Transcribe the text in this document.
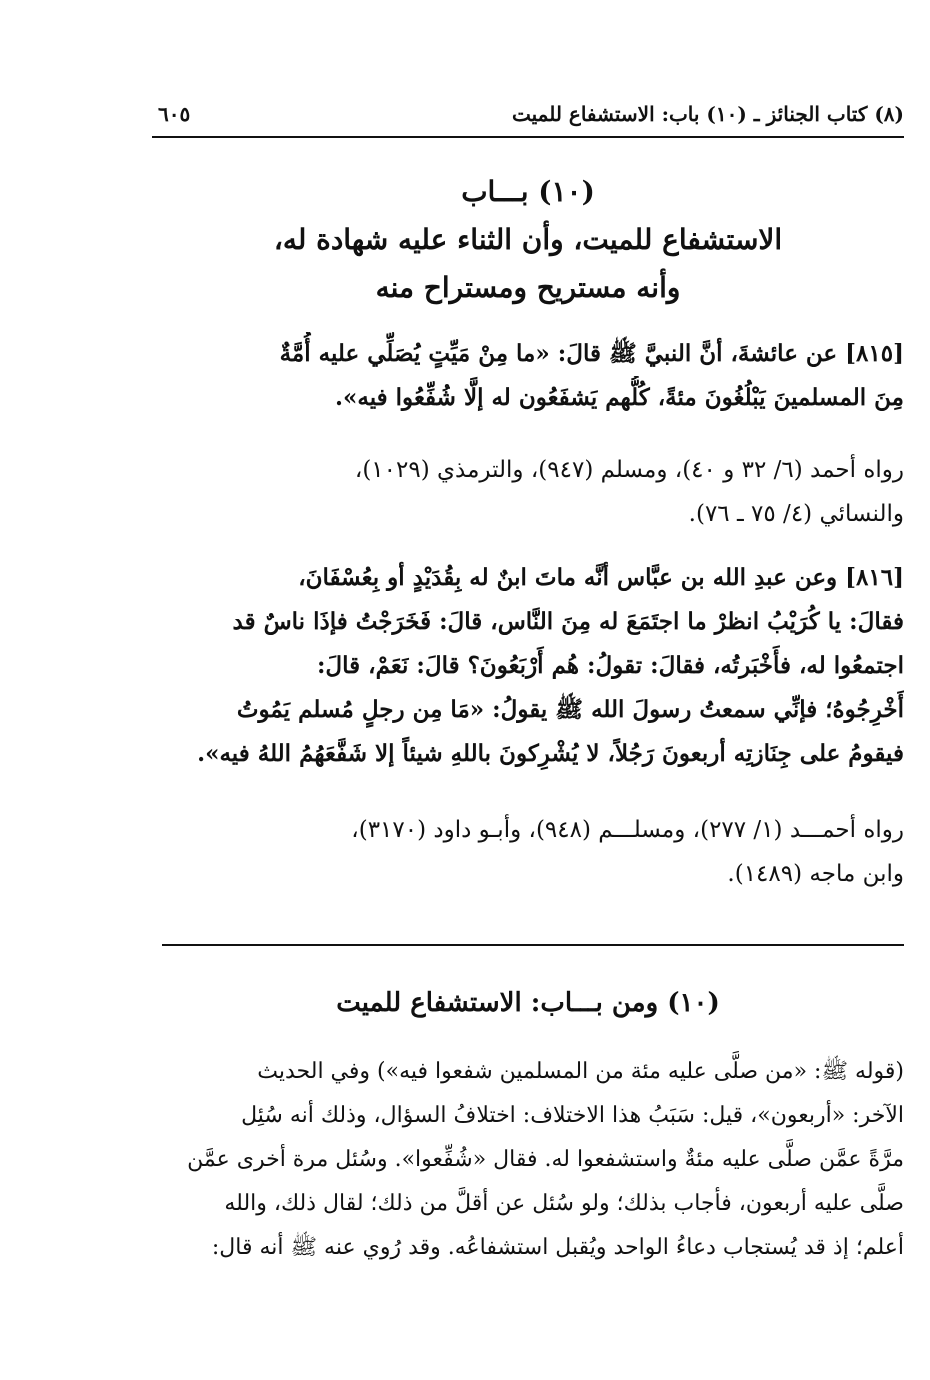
(٨) كتاب الجنائز ـ (١٠) باب: الاستشفاع للميت
٦٠٥
(١٠) بـــاب
الاستشفاع للميت، وأن الثناء عليه شهادة له،
وأنه مستريح ومستراح منه
[٨١٥] عن عائشةَ، أنَّ النبيَّ ﷺ قالَ: «ما مِنْ مَيِّتٍ يُصَلِّي عليه أُمَّةٌ
مِنَ المسلمينَ يَبْلُغُونَ مئةً، كُلُّهم يَشفَعُون له إلَّا شُفِّعُوا فيه».
رواه أحمد (٦/ ٣٢ و ٤٠)، ومسلم (٩٤٧)، والترمذي (١٠٢٩)،
والنسائي (٤/ ٧٥ ـ ٧٦).
[٨١٦] وعن عبدِ الله بن عبَّاس أنَّه ماتَ ابنٌ له بِقُدَيْدٍ أو بِعُسْفَانَ،
فقالَ: يا كُرَيْبُ انظرْ ما اجتَمَعَ له مِنَ النَّاس، قالَ: فَخَرَجْتُ فإذَا ناسٌ قد
اجتمعُوا له، فأَخْبَرتُه، فقالَ: تقولُ: هُم أَرْبَعُونَ؟ قالَ: نَعَمْ، قالَ:
أَخْرِجُوهُ؛ فإنِّي سمعتُ رسولَ الله ﷺ يقولُ: «مَا مِن رجلٍ مُسلم يَمُوتُ
فيقومُ على جِنَازتِه أربعونَ رَجُلاً، لا يُشْرِكونَ باللهِ شيئاً إلا شَفَّعَهُمُ اللهُ فيه».
رواه أحمـــد (١/ ٢٧٧)، ومسلـــم (٩٤٨)، وأبـو داود (٣١٧٠)،
وابن ماجه (١٤٨٩).
(١٠) ومن بـــاب: الاستشفاع للميت
(قوله ﷺ: «من صلَّى عليه مئة من المسلمين شفعوا فيه») وفي الحديث
الآخر: «أربعون»، قيل: سَبَبُ هذا الاختلاف: اختلافُ السؤال، وذلك أنه سُئِل
مرَّةً عمَّن صلَّى عليه مئةٌ واستشفعوا له. فقال «شُفِّعوا». وسُئل مرة أخرى عمَّن
صلَّى عليه أربعون، فأجاب بذلك؛ ولو سُئل عن أقلَّ من ذلك؛ لقال ذلك، والله
أعلم؛ إذ قد يُستجاب دعاءُ الواحد ويُقبل استشفاعُه. وقد رُوي عنه ﷺ أنه قال:
